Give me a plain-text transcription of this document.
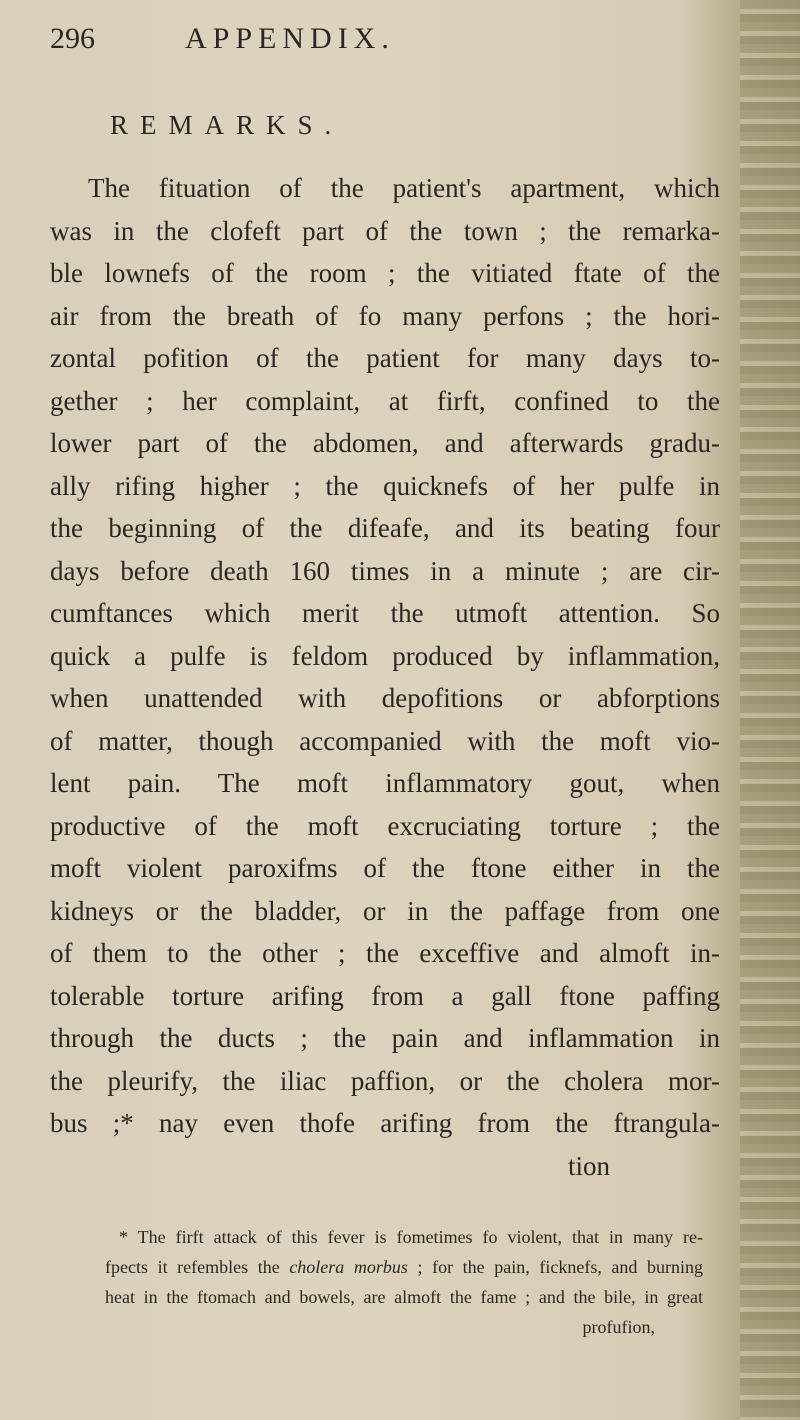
296	APPENDIX.
REMARKS.
The fituation of the patient's apartment, which
was in the clofeft part of the town ; the remarka-
ble lownefs of the room ; the vitiated ftate of the
air from the breath of fo many perfons ; the hori-
zontal pofition of the patient for many days to-
gether ; her complaint, at firft, confined to the
lower part of the abdomen, and afterwards gradu-
ally rifing higher ; the quicknefs of her pulfe in
the beginning of the difeafe, and its beating four
days before death 160 times in a minute ; are cir-
cumftances which merit the utmoft attention. So
quick a pulfe is feldom produced by inflammation,
when unattended with depofitions or abforptions
of matter, though accompanied with the moft vio-
lent pain. The moft inflammatory gout, when
productive of the moft excruciating torture ; the
moft violent paroxifms of the ftone either in the
kidneys or the bladder, or in the paffage from one
of them to the other ; the exceffive and almoft in-
tolerable torture arifing from a gall ftone paffing
through the ducts ; the pain and inflammation in
the pleurify, the iliac paffion, or the cholera mor-
bus ;* nay even thofe arifing from the ftrangula-
tion
* The firft attack of this fever is fometimes fo violent, that in many re-
fpects it refembles the cholera morbus ; for the pain, ficknefs, and burning
heat in the ftomach and bowels, are almoft the fame ; and the bile, in great
profufion,
